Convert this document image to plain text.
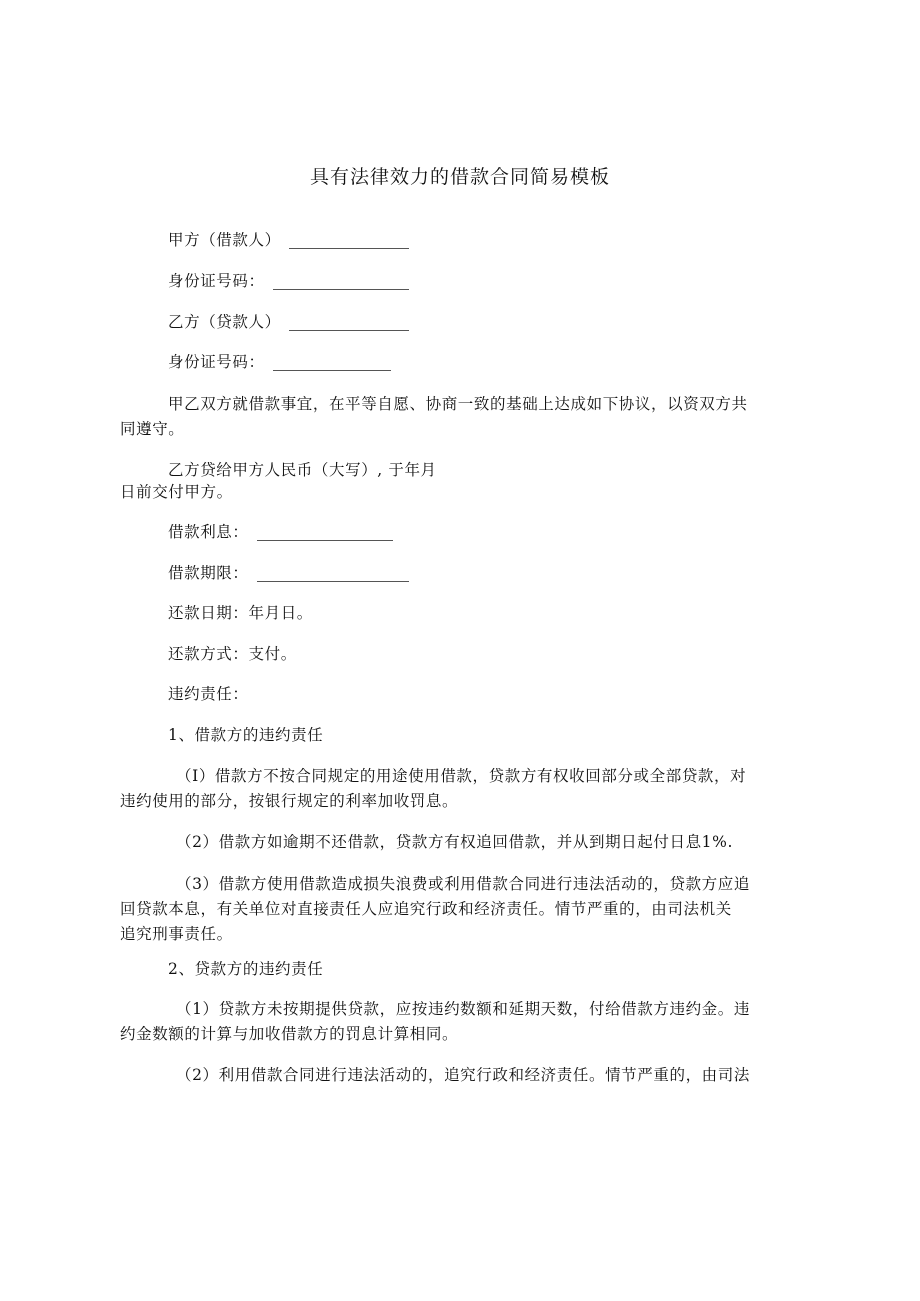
具有法律效力的借款合同简易模板
甲方（借款人）
身份证号码：
乙方（贷款人）
身份证号码：
甲乙双方就借款事宜，在平等自愿、协商一致的基础上达成如下协议，以资双方共
同遵守。
乙方贷给甲方人民币（大写）, 于年月
日前交付甲方。
借款利息：
借款期限：
还款日期：年月日。
还款方式：支付。
违约责任：
1、借款方的违约责任
（I）借款方不按合同规定的用途使用借款，贷款方有权收回部分或全部贷款，对
违约使用的部分，按银行规定的利率加收罚息。
（2）借款方如逾期不还借款，贷款方有权追回借款，并从到期日起付日息1%.
（3）借款方使用借款造成损失浪费或利用借款合同进行违法活动的，贷款方应追
回贷款本息，有关单位对直接责任人应追究行政和经济责任。情节严重的，由司法机关
追究刑事责任。
2、贷款方的违约责任
（1）贷款方未按期提供贷款，应按违约数额和延期天数，付给借款方违约金。违
约金数额的计算与加收借款方的罚息计算相同。
（2）利用借款合同进行违法活动的，追究行政和经济责任。情节严重的，由司法
